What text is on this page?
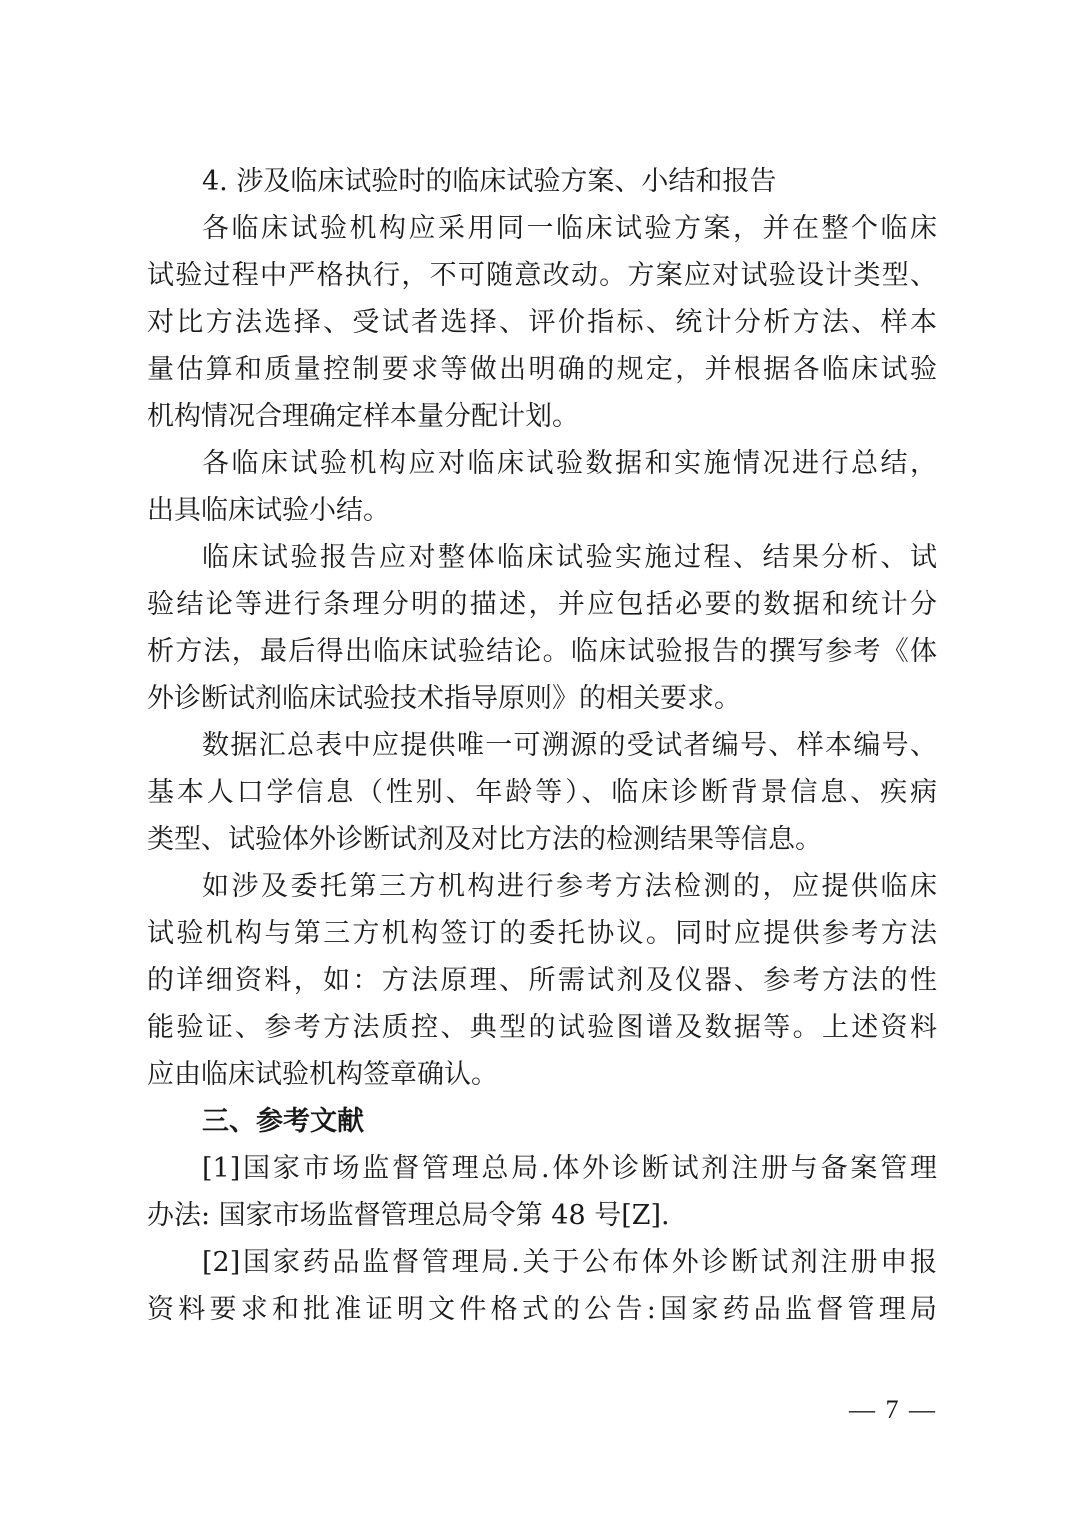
4. 涉及临床试验时的临床试验方案、小结和报告
各临床试验机构应采用同一临床试验方案，并在整个临床
试验过程中严格执行，不可随意改动。方案应对试验设计类型、
对比方法选择、受试者选择、评价指标、统计分析方法、样本
量估算和质量控制要求等做出明确的规定，并根据各临床试验
机构情况合理确定样本量分配计划。
各临床试验机构应对临床试验数据和实施情况进行总结，
出具临床试验小结。
临床试验报告应对整体临床试验实施过程、结果分析、试
验结论等进行条理分明的描述，并应包括必要的数据和统计分
析方法，最后得出临床试验结论。临床试验报告的撰写参考《体
外诊断试剂临床试验技术指导原则》的相关要求。
数据汇总表中应提供唯一可溯源的受试者编号、样本编号、
基本人口学信息（性别、年龄等）、临床诊断背景信息、疾病
类型、试验体外诊断试剂及对比方法的检测结果等信息。
如涉及委托第三方机构进行参考方法检测的，应提供临床
试验机构与第三方机构签订的委托协议。同时应提供参考方法
的详细资料，如：方法原理、所需试剂及仪器、参考方法的性
能验证、参考方法质控、典型的试验图谱及数据等。上述资料
应由临床试验机构签章确认。
三、参考文献
[1]国家市场监督管理总局.体外诊断试剂注册与备案管理
办法: 国家市场监督管理总局令第 48 号[Z].
[2]国家药品监督管理局.关于公布体外诊断试剂注册申报
资料要求和批准证明文件格式的公告:国家药品监督管理局
— 7 —
